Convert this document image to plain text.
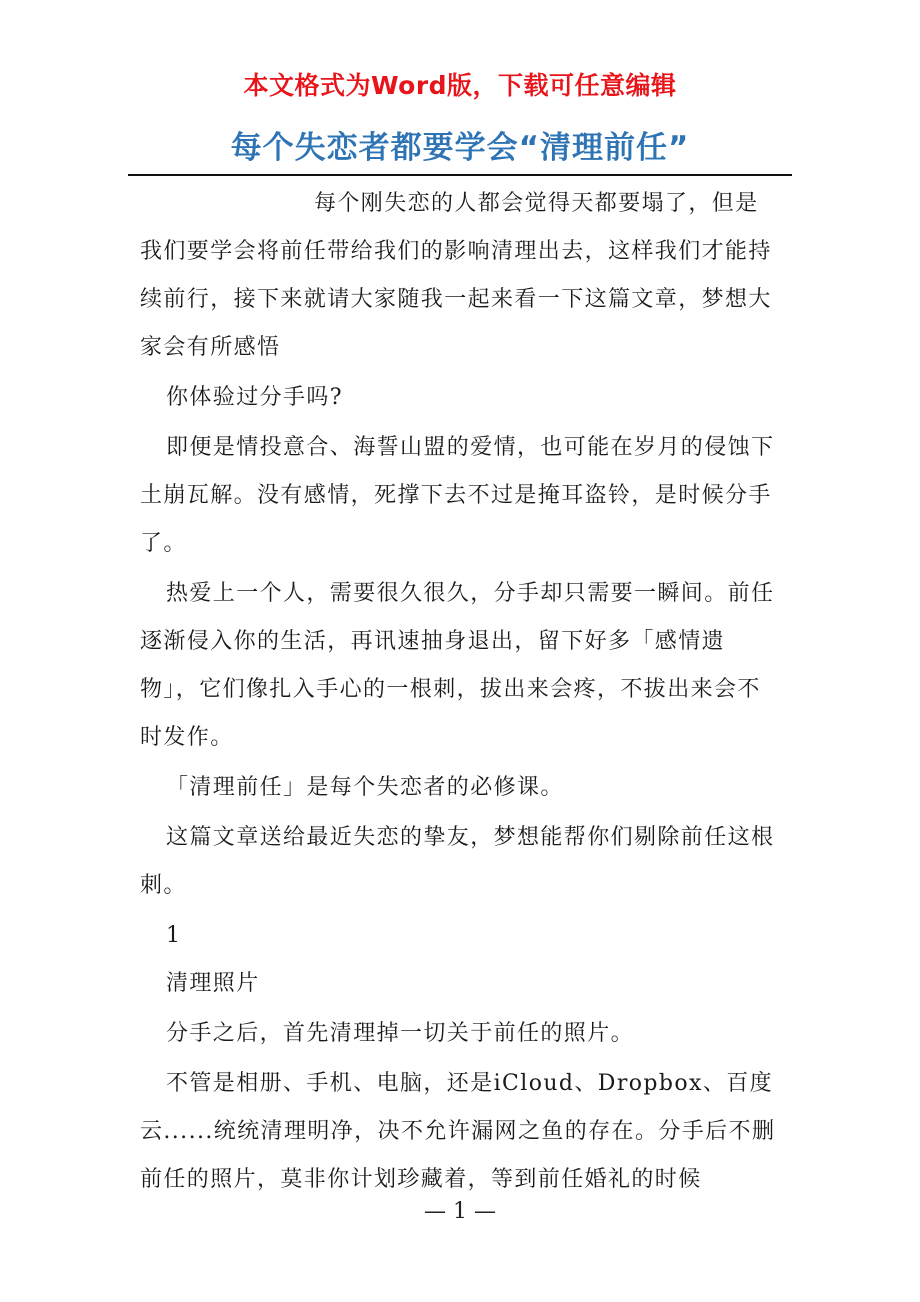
本文格式为Word版，下载可任意编辑
每个失恋者都要学会“清理前任”

每个刚失恋的人都会觉得天都要塌了，但是我们要学会将前任带给我们的影响清理出去，这样我们才能持续前行，接下来就请大家随我一起来看一下这篇文章，梦想大家会有所感悟

你体验过分手吗?

即便是情投意合、海誓山盟的爱情，也可能在岁月的侵蚀下土崩瓦解。没有感情，死撑下去不过是掩耳盗铃，是时候分手了。

热爱上一个人，需要很久很久，分手却只需要一瞬间。前任逐渐侵入你的生活，再讯速抽身退出，留下好多「感情遗物」，它们像扎入手心的一根刺，拔出来会疼，不拔出来会不时发作。

「清理前任」是每个失恋者的必修课。

这篇文章送给最近失恋的挚友，梦想能帮你们剔除前任这根刺。

1

清理照片

分手之后，首先清理掉一切关于前任的照片。

不管是相册、手机、电脑，还是iCloud、Dropbox、百度云......统统清理明净，决不允许漏网之鱼的存在。分手后不删前任的照片，莫非你计划珍藏着，等到前任婚礼的时候

— 1 —
